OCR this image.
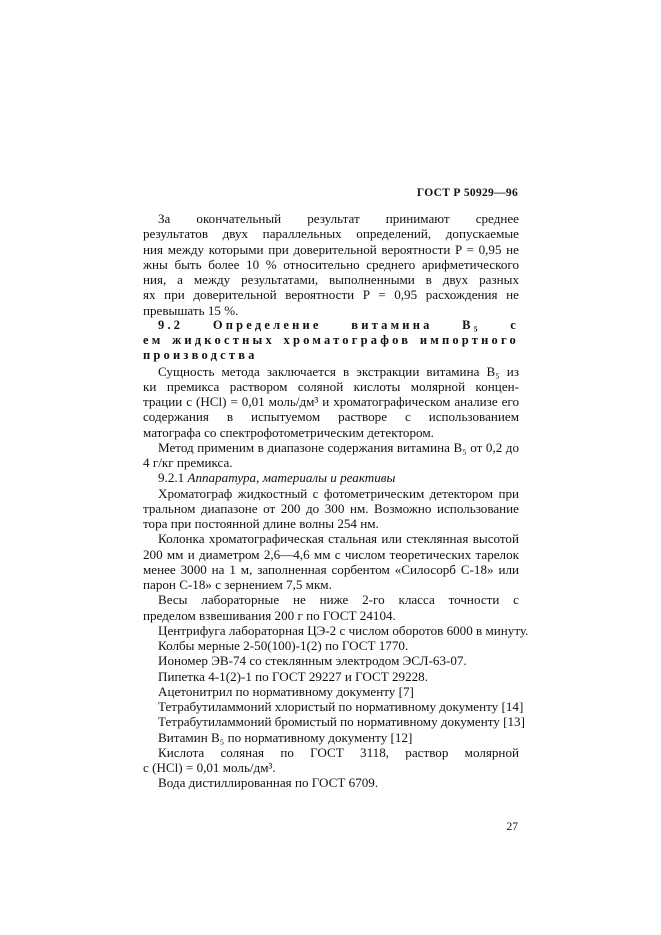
ГОСТ Р 50929—96
За окончательный результат принимают среднее
результатов двух параллельных определений, допускаемые
ния между которыми при доверительной вероятности P = 0,95 не
жны быть более 10 % относительно среднего арифметического
ния, а между результатами, выполненными в двух разных
ях при доверительной вероятности P = 0,95 расхождения не
превышать 15 %.
9.2 Определение витамина B₅ с
ем жидкостных хроматографов импортного
производства
Сущность метода заключается в экстракции витамина B₅ из
ки премикса раствором соляной кислоты молярной концен-
трации c (HCl) = 0,01 моль/дм³ и хроматографическом анализе его
содержания в испытуемом растворе с использованием
матографа со спектрофотометрическим детектором.
Метод применим в диапазоне содержания витамина B₅ от 0,2 до
4 г/кг премикса.
9.2.1 Аппаратура, материалы и реактивы
Хроматограф жидкостный с фотометрическим детектором при
тральном диапазоне от 200 до 300 нм. Возможно использование
тора при постоянной длине волны 254 нм.
Колонка хроматографическая стальная или стеклянная высотой
200 мм и диаметром 2,6—4,6 мм с числом теоретических тарелок
менее 3000 на 1 м, заполненная сорбентом «Силосорб С-18» или
парон С-18» с зернением 7,5 мкм.
Весы лабораторные не ниже 2-го класса точности с
пределом взвешивания 200 г по ГОСТ 24104.
Центрифуга лабораторная ЦЭ-2 с числом оборотов 6000 в минуту.
Колбы мерные 2-50(100)-1(2) по ГОСТ 1770.
Иономер ЭВ-74 со стеклянным электродом ЭСЛ-63-07.
Пипетка 4-1(2)-1 по ГОСТ 29227 и ГОСТ 29228.
Ацетонитрил по нормативному документу [7]
Тетрабутиламмоний хлористый по нормативному документу [14]
Тетрабутиламмоний бромистый по нормативному документу [13]
Витамин B₅ по нормативному документу [12]
Кислота соляная по ГОСТ 3118, раствор молярной
c (HCl) = 0,01 моль/дм³.
Вода дистиллированная по ГОСТ 6709.
27
